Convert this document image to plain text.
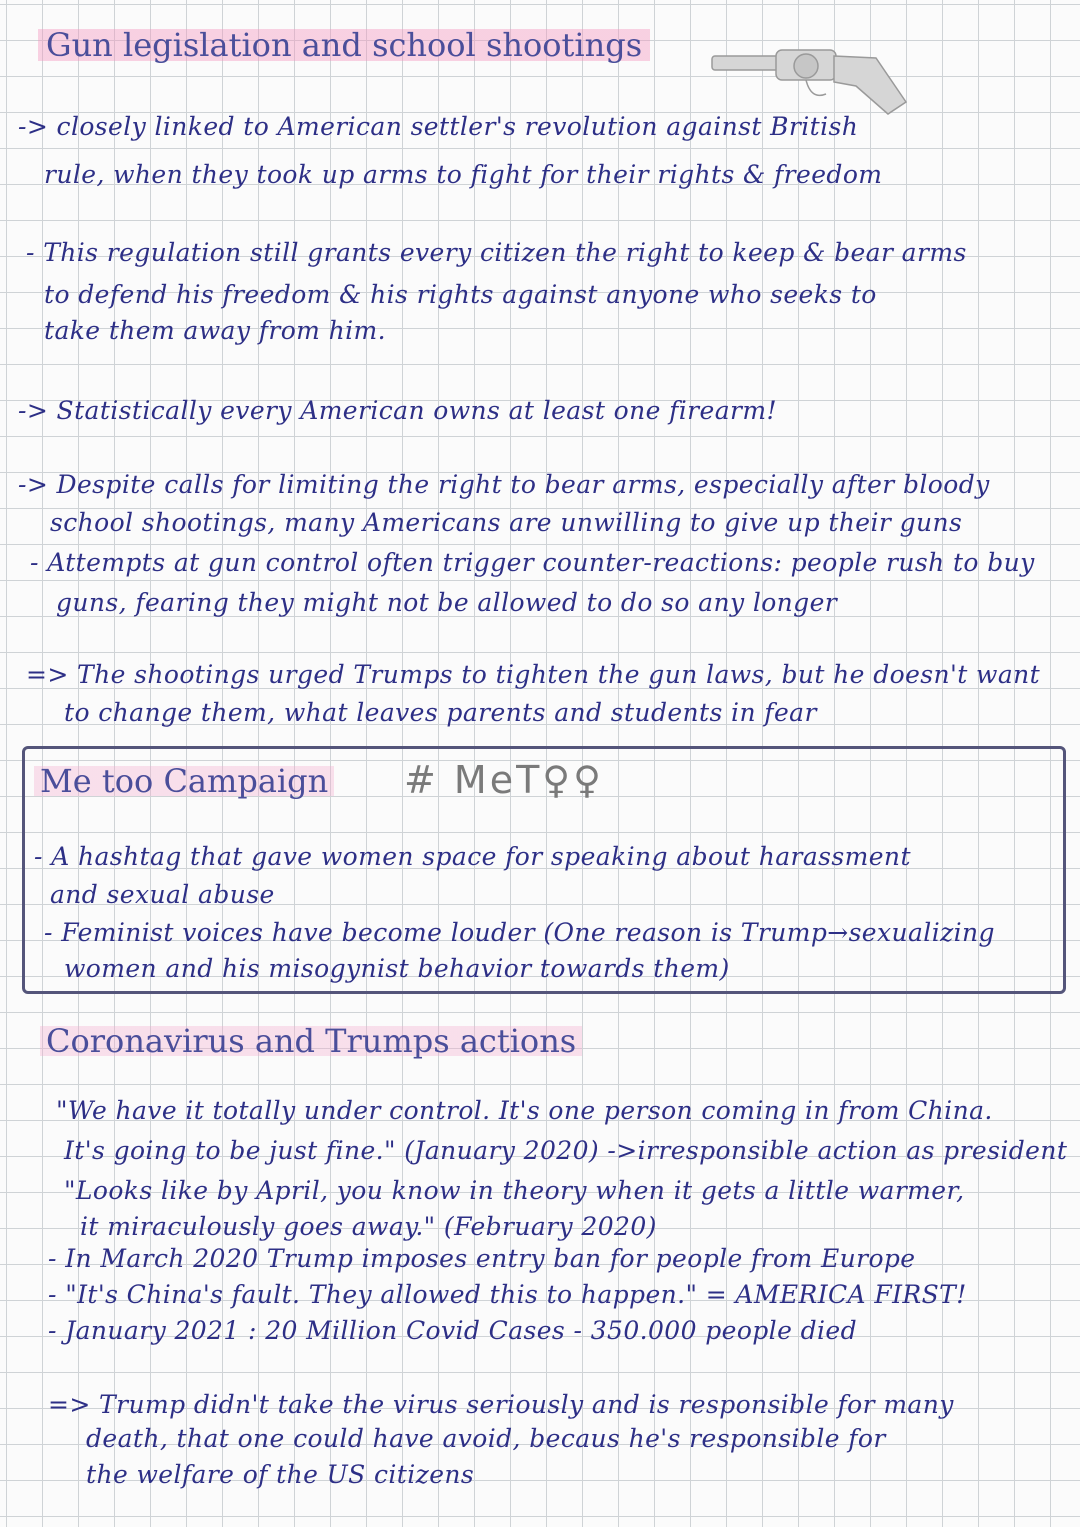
Gun legislation and school shootings
-> closely linked to American settler's revolution against British
rule, when they took up arms to fight for their rights & freedom
- This regulation still grants every citizen the right to keep & bear arms
to defend his freedom & his rights against anyone who seeks to
take them away from him.
-> Statistically every American owns at least one firearm!
-> Despite calls for limiting the right to bear arms, especially after bloody
school shootings, many Americans are unwilling to give up their guns
- Attempts at gun control often trigger counter-reactions: people rush to buy
guns, fearing they might not be allowed to do so any longer
=> The shootings urged Trumps to tighten the gun laws, but he doesn't want
to change them, what leaves parents and students in fear
Me too Campaign # MeT♀♀
- A hashtag that gave women space for speaking about harassment
and sexual abuse
- Feminist voices have become louder (One reason is Trump→sexualizing
women and his misogynist behavior towards them)
Coronavirus and Trumps actions
"We have it totally under control. It's one person coming in from China.
It's going to be just fine." (January 2020) ->irresponsible action as president
"Looks like by April, you know in theory when it gets a little warmer,
it miraculously goes away." (February 2020)
- In March 2020 Trump imposes entry ban for people from Europe
- "It's China's fault. They allowed this to happen." = AMERICA FIRST!
- January 2021 : 20 Million Covid Cases - 350.000 people died
=> Trump didn't take the virus seriously and is responsible for many
death, that one could have avoid, becaus he's responsible for
the welfare of the US citizens
